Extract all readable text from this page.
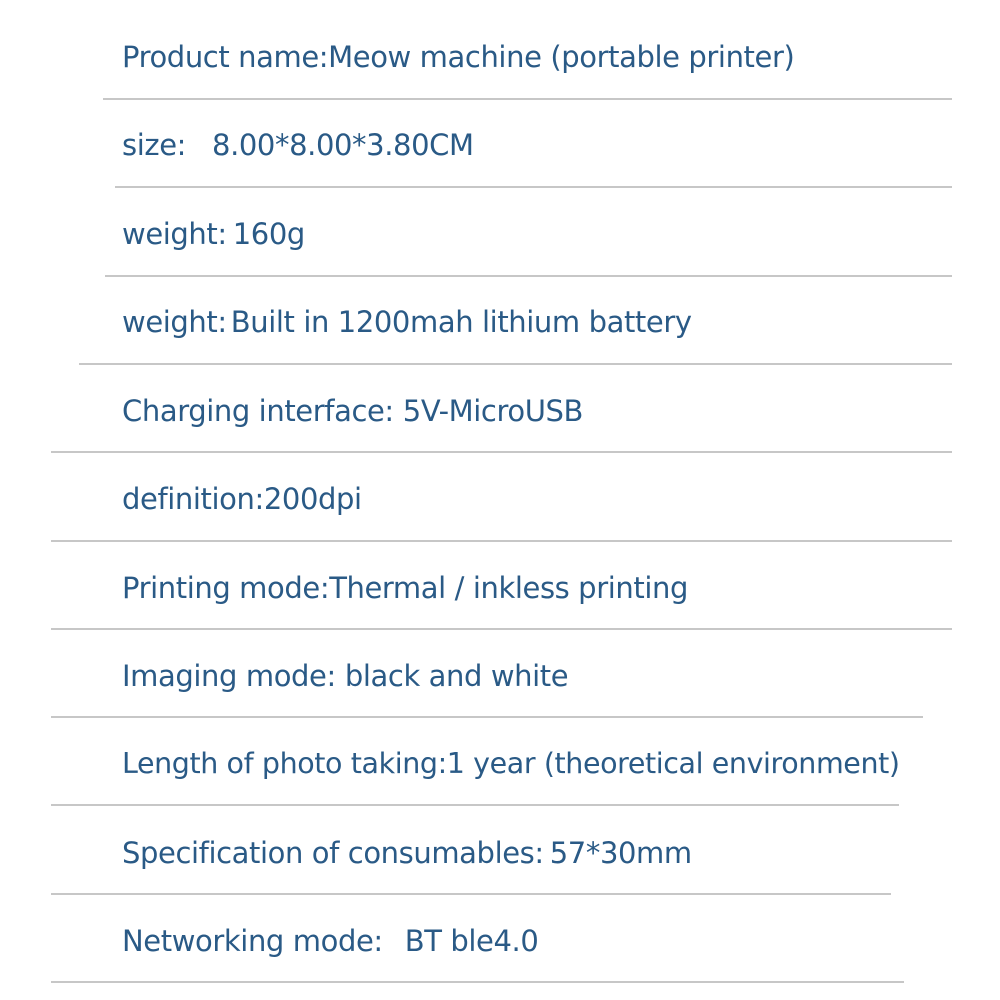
Product name:Meow machine (portable printer)
size: 8.00*8.00*3.80CM
weight: 160g
weight: Built in 1200mah lithium battery
Charging interface: 5V-MicroUSB
definition:200dpi
Printing mode:Thermal / inkless printing
Imaging mode: black and white
Length of photo taking:1 year (theoretical environment)
Specification of consumables: 57*30mm
Networking mode: BT ble4.0
